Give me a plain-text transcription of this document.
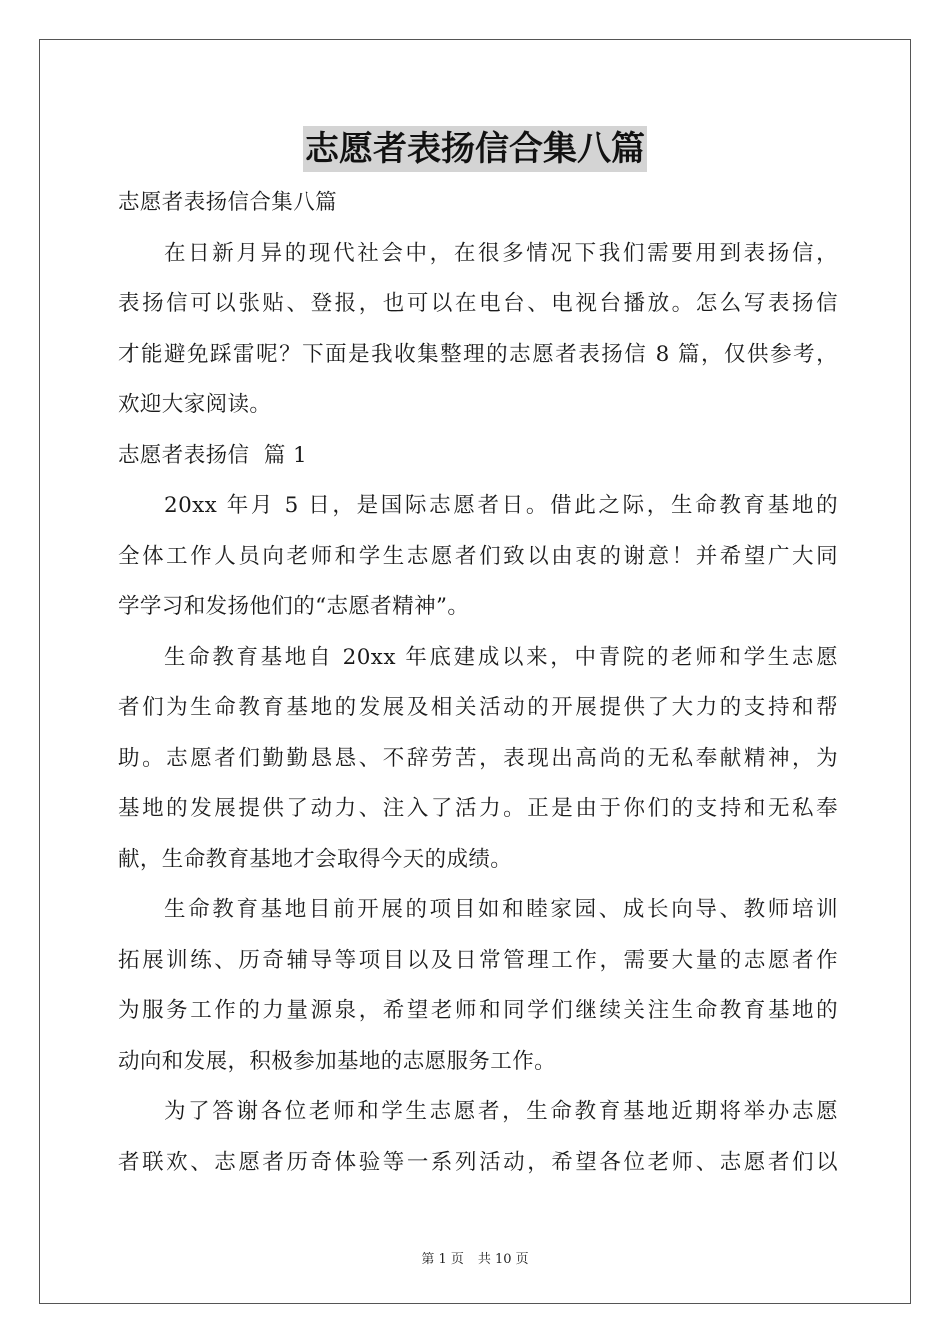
志愿者表扬信合集八篇
志愿者表扬信合集八篇
在日新月异的现代社会中，在很多情况下我们需要用到表扬信，
表扬信可以张贴、登报，也可以在电台、电视台播放。怎么写表扬信
才能避免踩雷呢？下面是我收集整理的志愿者表扬信 8 篇，仅供参考，
欢迎大家阅读。
志愿者表扬信  篇 1
20xx 年月 5 日，是国际志愿者日。借此之际，生命教育基地的
全体工作人员向老师和学生志愿者们致以由衷的谢意！并希望广大同
学学习和发扬他们的“志愿者精神”。
生命教育基地自 20xx 年底建成以来，中青院的老师和学生志愿
者们为生命教育基地的发展及相关活动的开展提供了大力的支持和帮
助。志愿者们勤勤恳恳、不辞劳苦，表现出高尚的无私奉献精神，为
基地的发展提供了动力、注入了活力。正是由于你们的支持和无私奉
献，生命教育基地才会取得今天的成绩。
生命教育基地目前开展的项目如和睦家园、成长向导、教师培训
拓展训练、历奇辅导等项目以及日常管理工作，需要大量的志愿者作
为服务工作的力量源泉，希望老师和同学们继续关注生命教育基地的
动向和发展，积极参加基地的志愿服务工作。
为了答谢各位老师和学生志愿者，生命教育基地近期将举办志愿
者联欢、志愿者历奇体验等一系列活动，希望各位老师、志愿者们以
第 1 页 共 10 页
